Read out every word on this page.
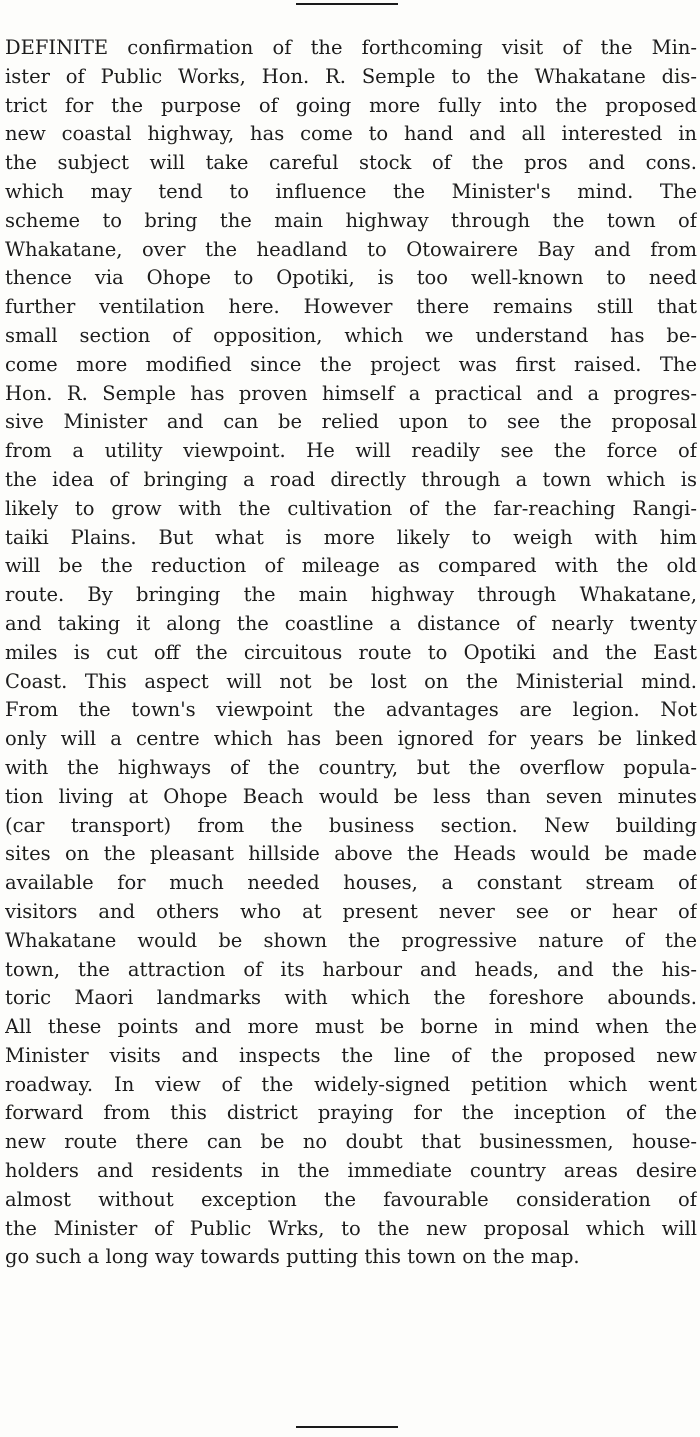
DEFINITE confirmation of the forthcoming visit of the Min-
ister of Public Works, Hon. R. Semple to the Whakatane dis-
trict for the purpose of going more fully into the proposed
new coastal highway, has come to hand and all interested in
the subject will take careful stock of the pros and cons.
which may tend to influence the Minister's mind. The
scheme to bring the main highway through the town of
Whakatane, over the headland to Otowairere Bay and from
thence via Ohope to Opotiki, is too well-known to need
further ventilation here. However there remains still that
small section of opposition, which we understand has be-
come more modified since the project was first raised. The
Hon. R. Semple has proven himself a practical and a progres-
sive Minister and can be relied upon to see the proposal
from a utility viewpoint. He will readily see the force of
the idea of bringing a road directly through a town which is
likely to grow with the cultivation of the far-reaching Rangi-
taiki Plains. But what is more likely to weigh with him
will be the reduction of mileage as compared with the old
route. By bringing the main highway through Whakatane,
and taking it along the coastline a distance of nearly twenty
miles is cut off the circuitous route to Opotiki and the East
Coast. This aspect will not be lost on the Ministerial mind.
From the town's viewpoint the advantages are legion. Not
only will a centre which has been ignored for years be linked
with the highways of the country, but the overflow popula-
tion living at Ohope Beach would be less than seven minutes
(car transport) from the business section. New building
sites on the pleasant hillside above the Heads would be made
available for much needed houses, a constant stream of
visitors and others who at present never see or hear of
Whakatane would be shown the progressive nature of the
town, the attraction of its harbour and heads, and the his-
toric Maori landmarks with which the foreshore abounds.
All these points and more must be borne in mind when the
Minister visits and inspects the line of the proposed new
roadway. In view of the widely-signed petition which went
forward from this district praying for the inception of the
new route there can be no doubt that businessmen, house-
holders and residents in the immediate country areas desire
almost without exception the favourable consideration of
the Minister of Public Wrks, to the new proposal which will
go such a long way towards putting this town on the map.
